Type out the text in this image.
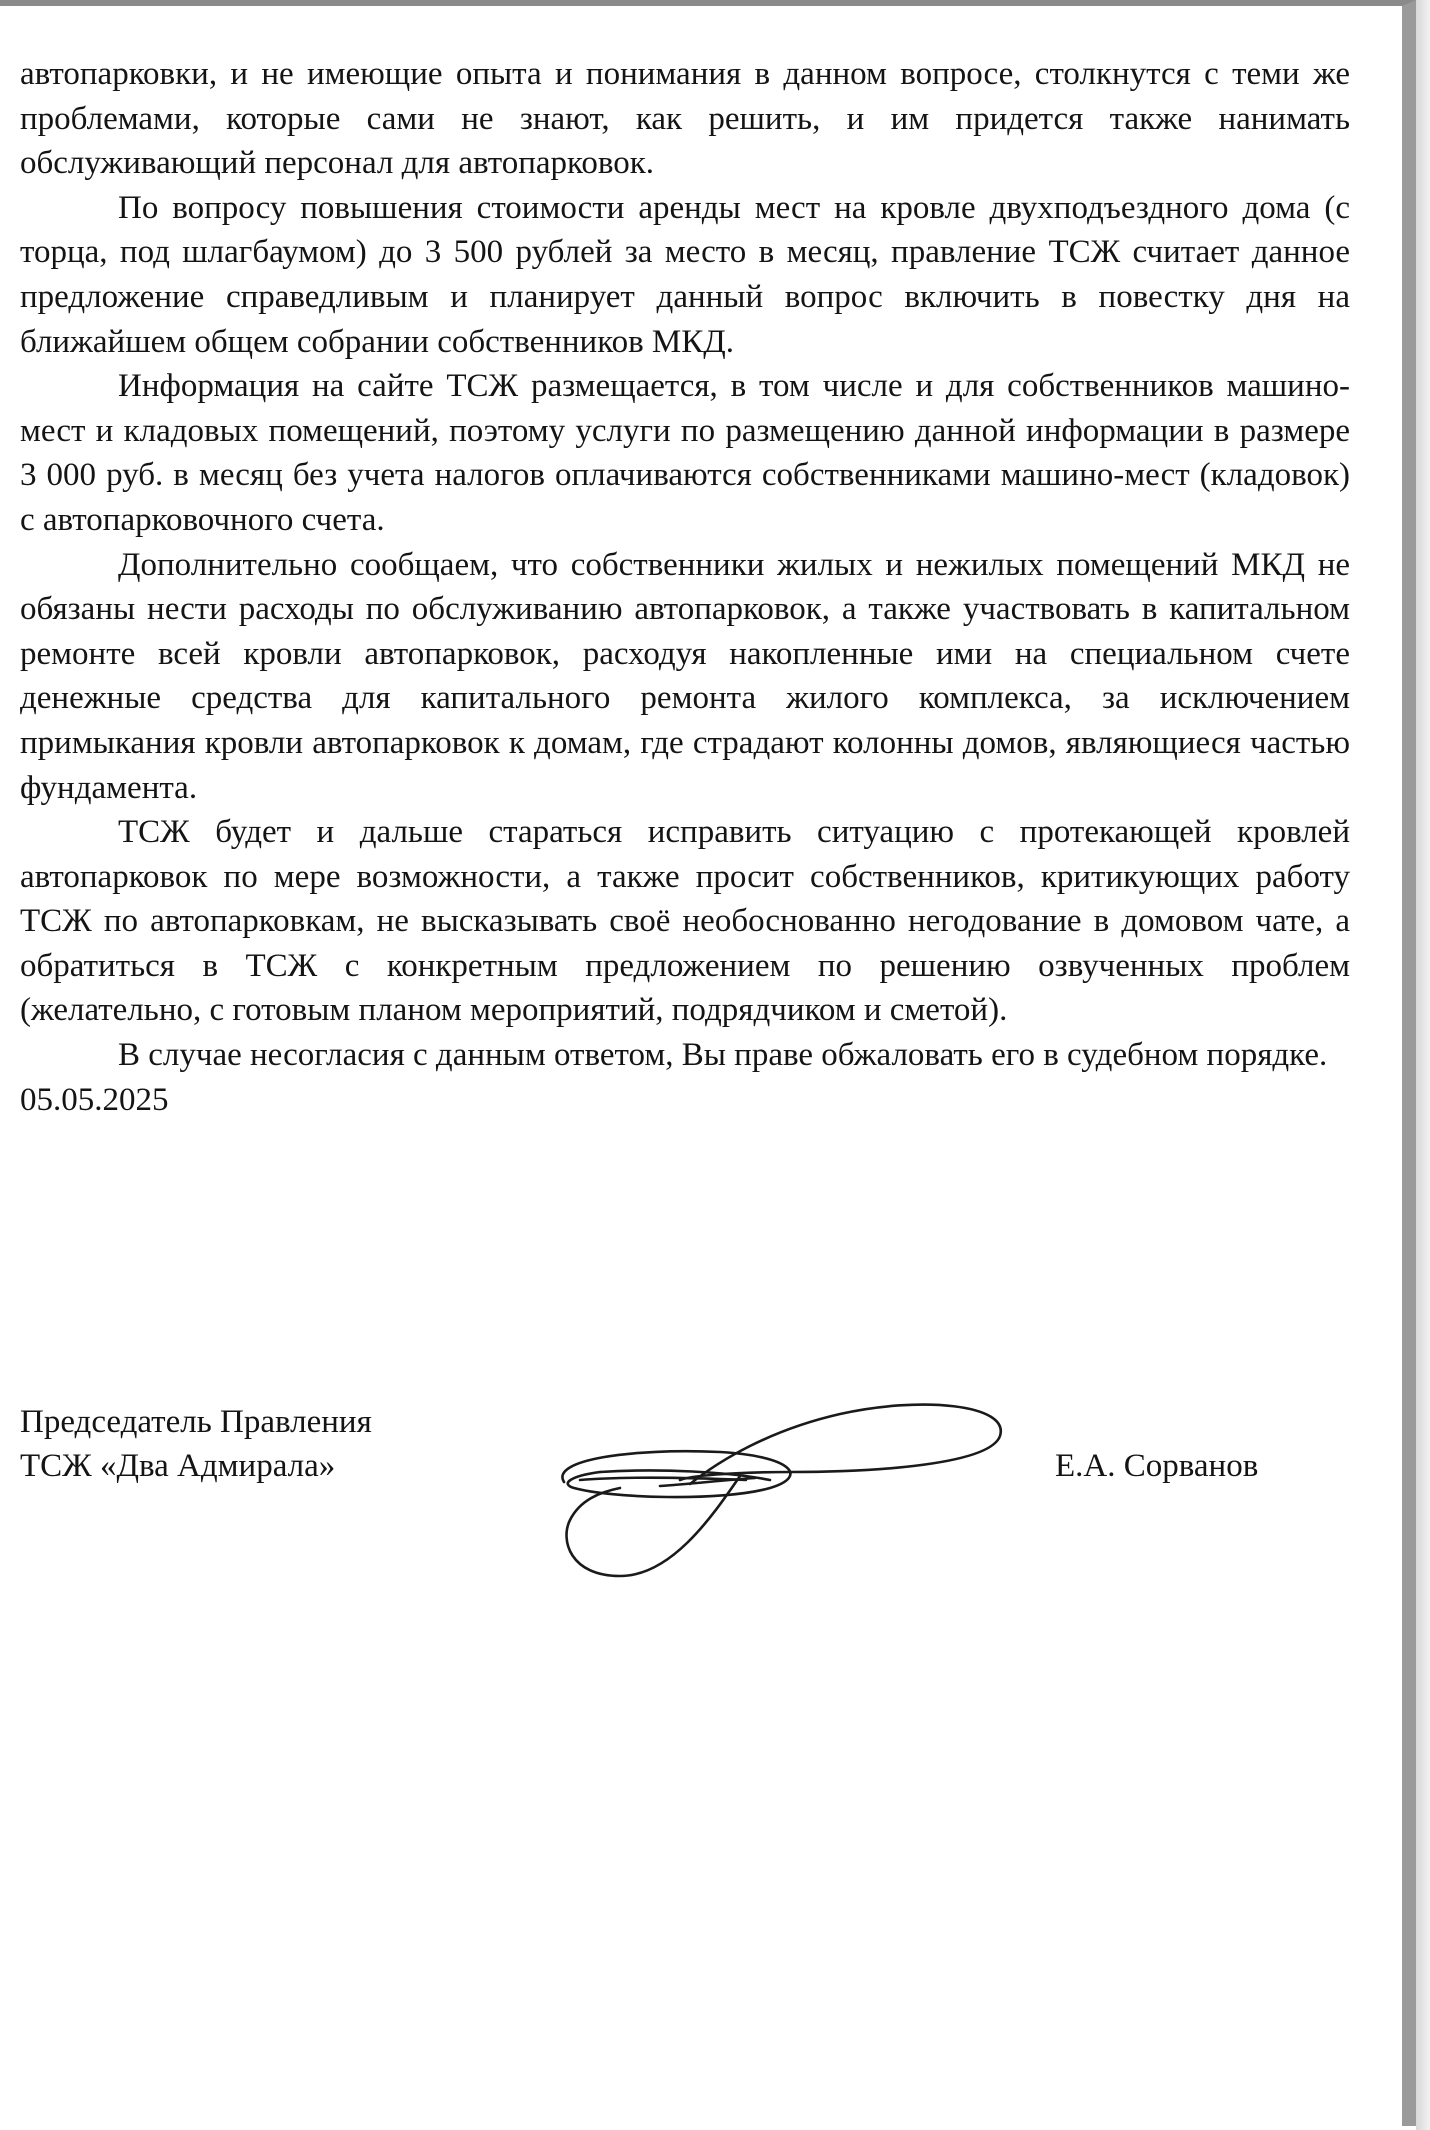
автопарковки, и не имеющие опыта и понимания в данном вопросе, столкнутся с теми же проблемами, которые сами не знают, как решить, и им придется также нанимать обслуживающий персонал для автопарковок.

По вопросу повышения стоимости аренды мест на кровле двухподъездного дома (с торца, под шлагбаумом) до 3 500 рублей за место в месяц, правление ТСЖ считает данное предложение справедливым и планирует данный вопрос включить в повестку дня на ближайшем общем собрании собственников МКД.

Информация на сайте ТСЖ размещается, в том числе и для собственников машино-мест и кладовых помещений, поэтому услуги по размещению данной информации в размере 3 000 руб. в месяц без учета налогов оплачиваются собственниками машино-мест (кладовок) с автопарковочного счета.

Дополнительно сообщаем, что собственники жилых и нежилых помещений МКД не обязаны нести расходы по обслуживанию автопарковок, а также участвовать в капитальном ремонте всей кровли автопарковок, расходуя накопленные ими на специальном счете денежные средства для капитального ремонта жилого комплекса, за исключением примыкания кровли автопарковок к домам, где страдают колонны домов, являющиеся частью фундамента.

ТСЖ будет и дальше стараться исправить ситуацию с протекающей кровлей автопарковок по мере возможности, а также просит собственников, критикующих работу ТСЖ по автопарковкам, не высказывать своё необоснованно негодование в домовом чате, а обратиться в ТСЖ с конкретным предложением по решению озвученных проблем (желательно, с готовым планом мероприятий, подрядчиком и сметой).

В случае несогласия с данным ответом, Вы праве обжаловать его в судебном порядке.

05.05.2025

Председатель Правления
ТСЖ «Два Адмирала»	Е.А. Сорванов
